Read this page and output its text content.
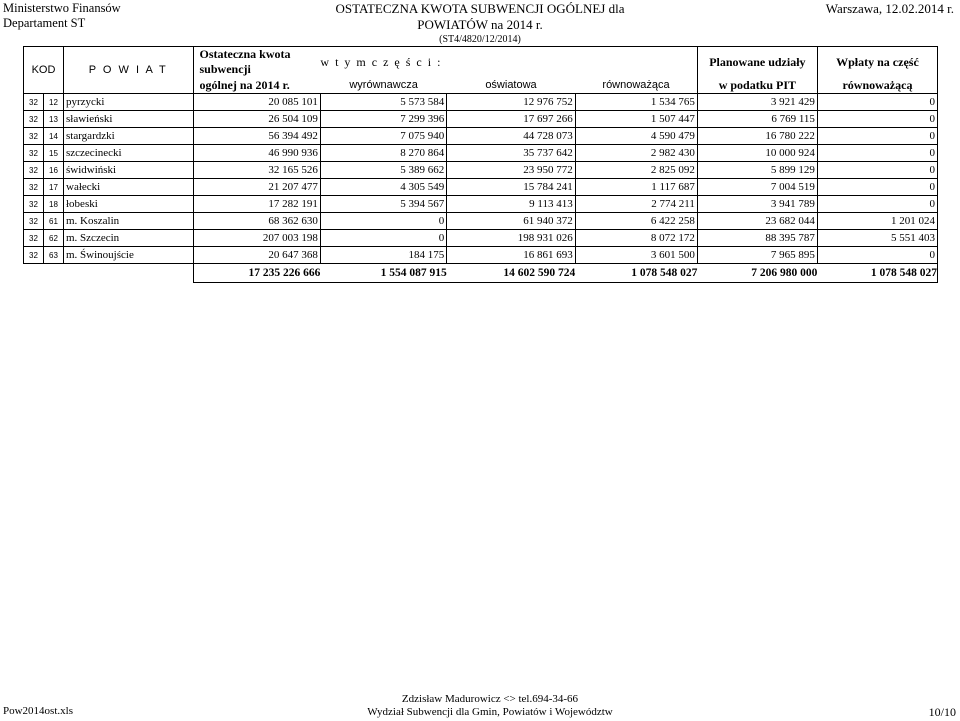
Ministerstwo Finansów
Departament ST
OSTATECZNA KWOTA SUBWENCJI OGÓLNEJ dla POWIATÓW na 2014 r.
(ST4/4820/12/2014)
Warszawa, 12.02.2014 r.
KOD		P O W I A T	Ostateczna kwota subwencji	w t y m c z ę ś c i :			Planowane udziały	Wpłaty na część
			ogólnej na 2014 r.	wyrównawcza	oświatowa	równoważąca	w podatku PIT	równoważącą
32	12	pyrzycki	20 085 101	5 573 584	12 976 752	1 534 765	3 921 429	0
32	13	sławieński	26 504 109	7 299 396	17 697 266	1 507 447	6 769 115	0
32	14	stargardzki	56 394 492	7 075 940	44 728 073	4 590 479	16 780 222	0
32	15	szczecinecki	46 990 936	8 270 864	35 737 642	2 982 430	10 000 924	0
32	16	świdwiński	32 165 526	5 389 662	23 950 772	2 825 092	5 899 129	0
32	17	wałecki	21 207 477	4 305 549	15 784 241	1 117 687	7 004 519	0
32	18	łobeski	17 282 191	5 394 567	9 113 413	2 774 211	3 941 789	0
32	61	m. Koszalin	68 362 630	0	61 940 372	6 422 258	23 682 044	1 201 024
32	62	m. Szczecin	207 003 198	0	198 931 026	8 072 172	88 395 787	5 551 403
32	63	m. Świnoujście	20 647 368	184 175	16 861 693	3 601 500	7 965 895	0
			17 235 226 666	1 554 087 915	14 602 590 724	1 078 548 027	7 206 980 000	1 078 548 027
Pow2014ost.xls
Zdzisław Madurowicz <> tel.694-34-66
Wydział Subwencji dla Gmin, Powiatów i Województw	10/10
